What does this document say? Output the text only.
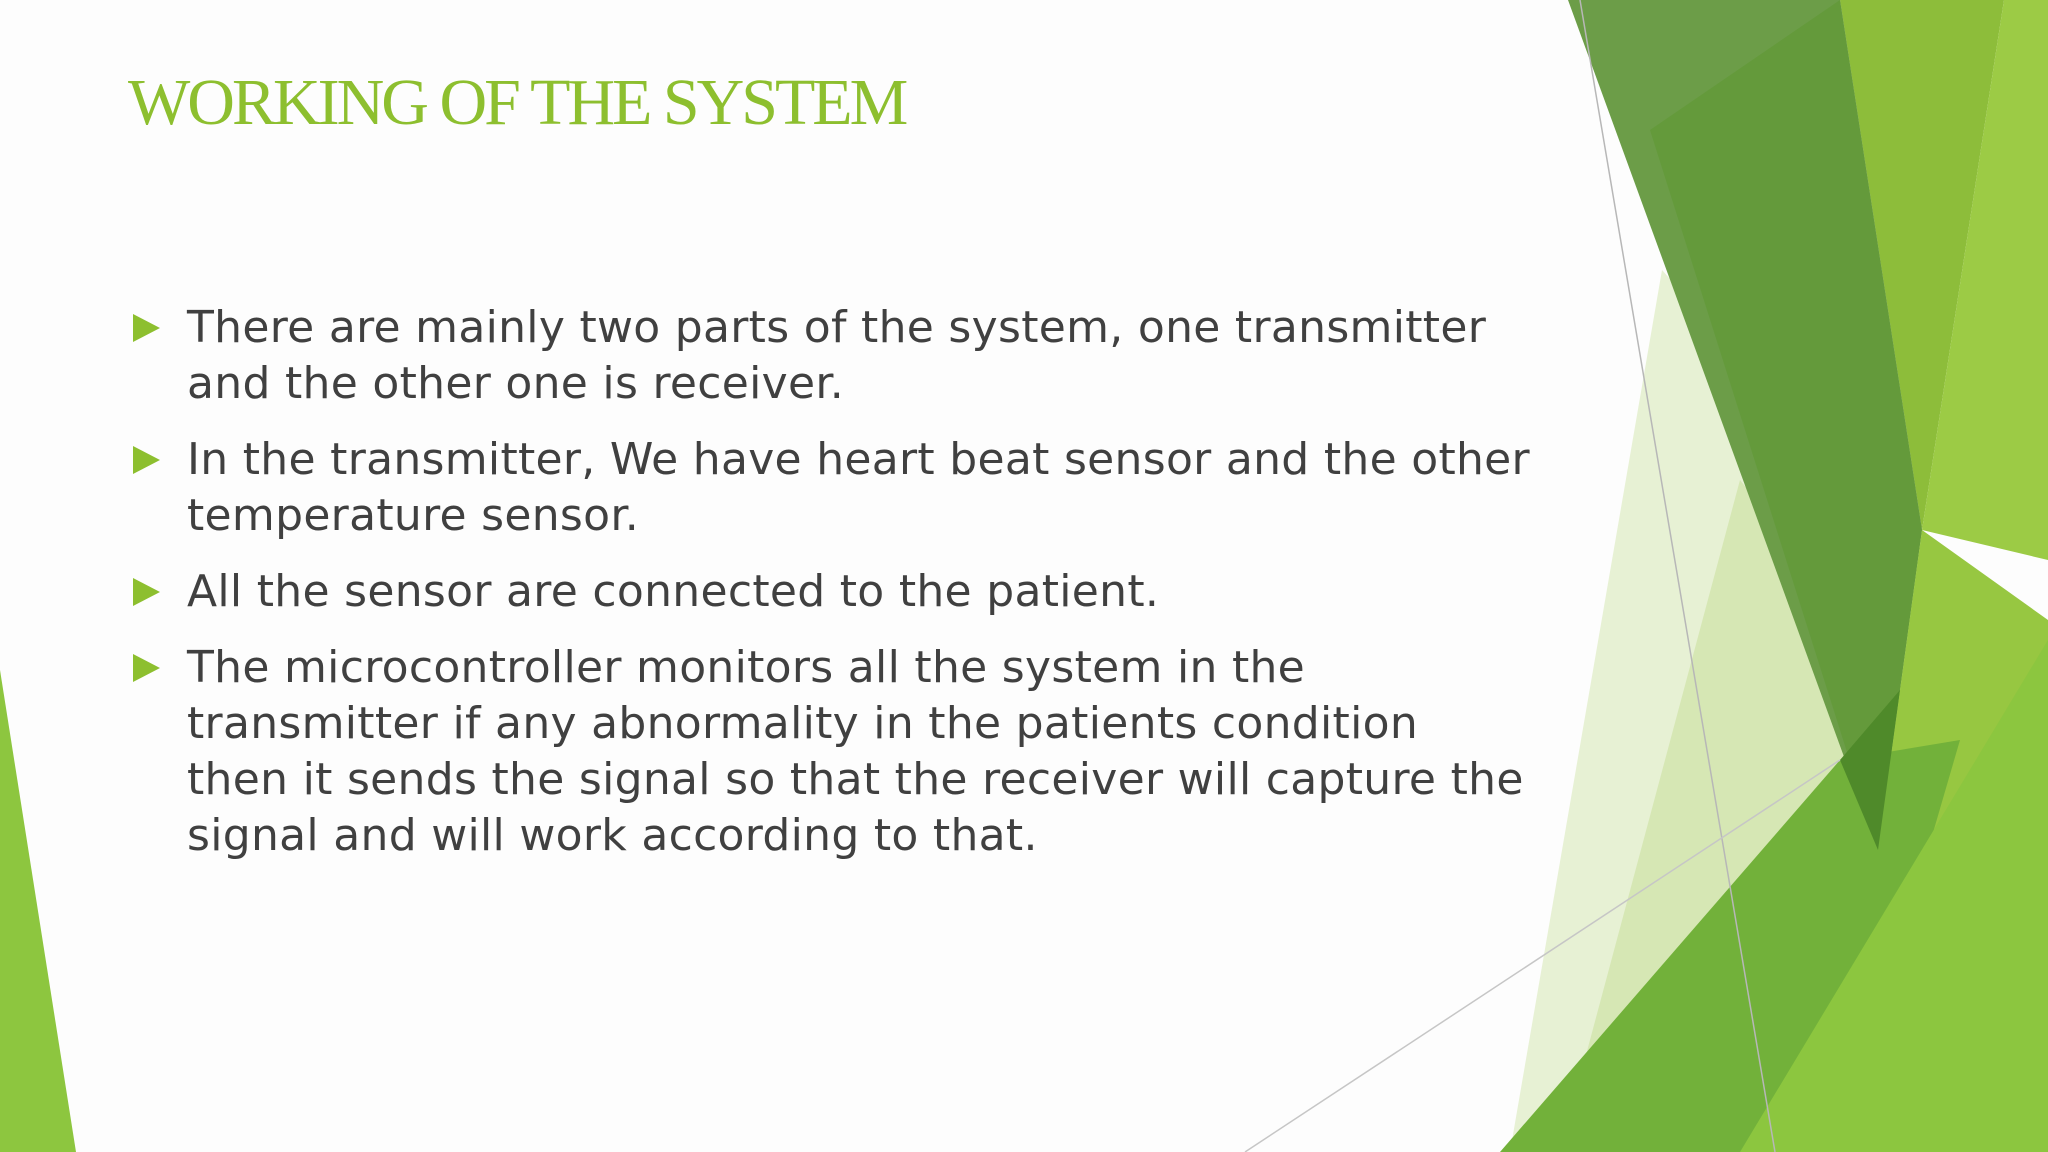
WORKING OF THE SYSTEM
There are mainly two parts of the system, one transmitter and the other one is receiver.
In the transmitter, We have heart beat sensor and the other temperature sensor.
All the sensor are connected to the patient.
The microcontroller monitors all the system in the transmitter if any abnormality in the patients condition then it sends the signal so that the receiver will capture the signal and will work according to that.
